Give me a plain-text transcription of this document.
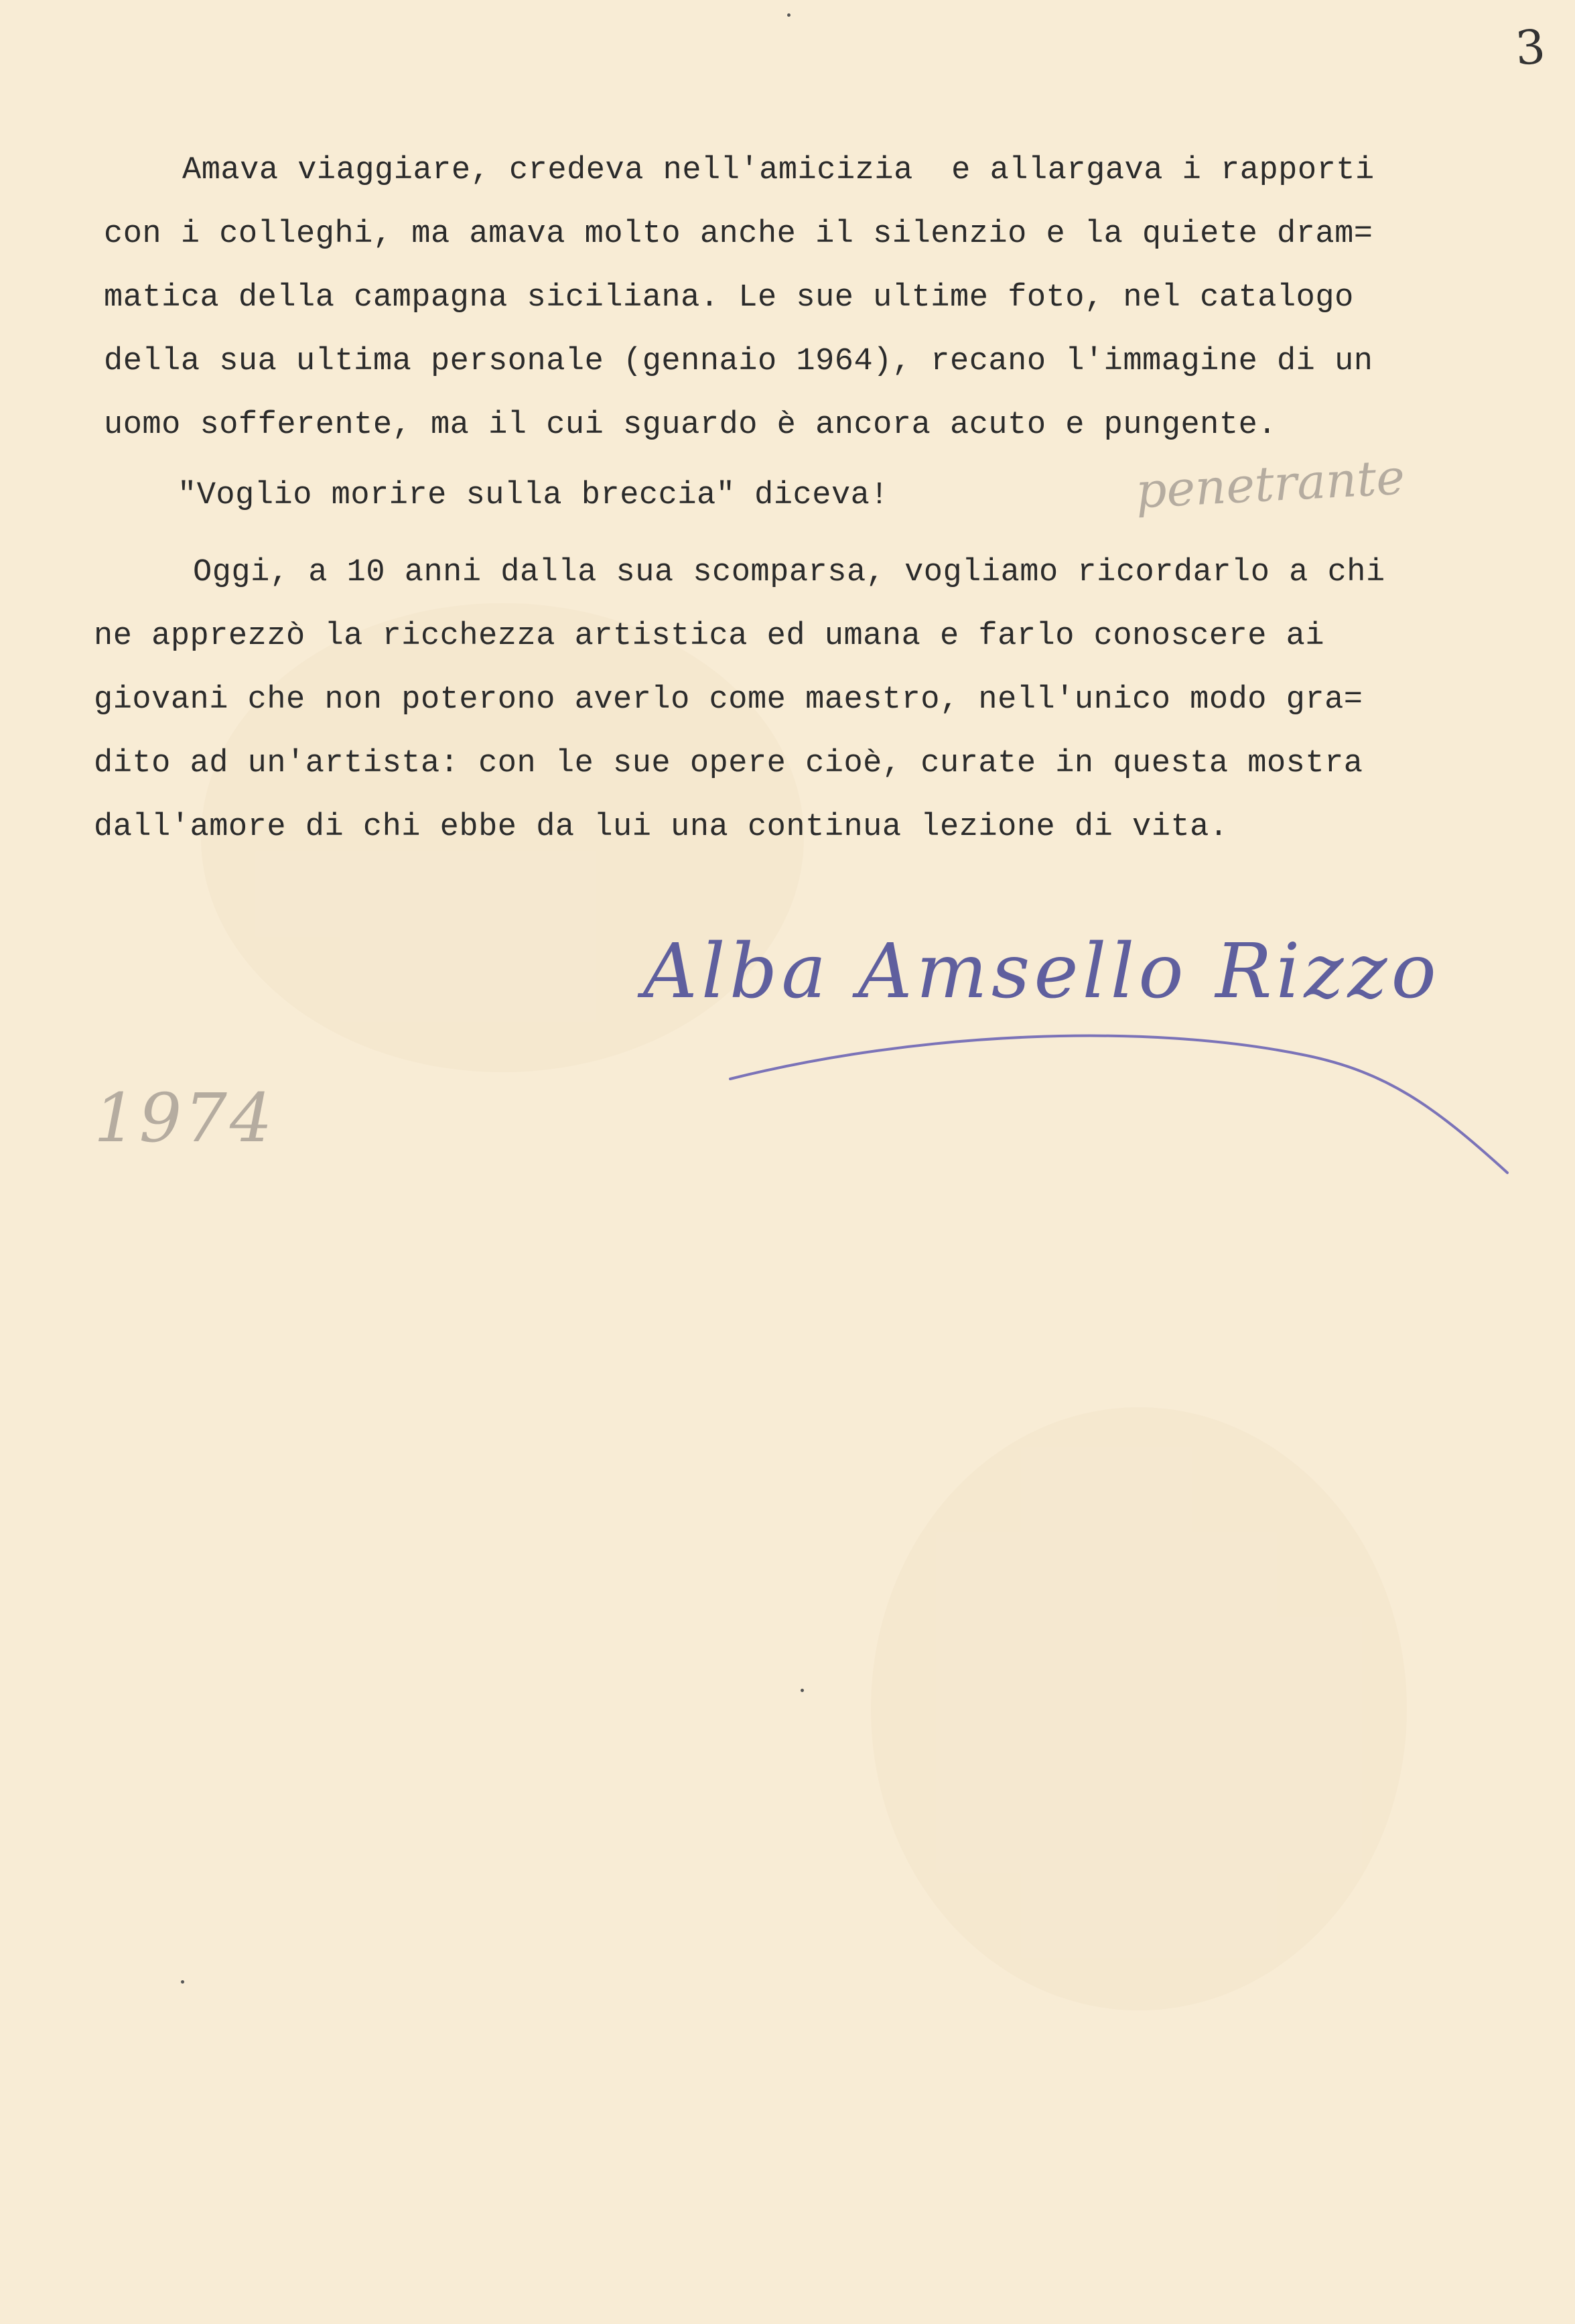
3
Amava viaggiare, credeva nell'amicizia  e allargava i rapporti
con i colleghi, ma amava molto anche il silenzio e la quiete dram=
matica della campagna siciliana. Le sue ultime foto, nel catalogo
della sua ultima personale (gennaio 1964), recano l'immagine di un
uomo sofferente, ma il cui sguardo è ancora acuto e pungente.
"Voglio morire sulla breccia" diceva!
Oggi, a 10 anni dalla sua scomparsa, vogliamo ricordarlo a chi
ne apprezzò la ricchezza artistica ed umana e farlo conoscere ai
giovani che non poterono averlo come maestro, nell'unico modo gra=
dito ad un'artista: con le sue opere cioè, curate in questa mostra
dall'amore di chi ebbe da lui una continua lezione di vita.
penetrante
1974
Alba Amsello Rizzo
